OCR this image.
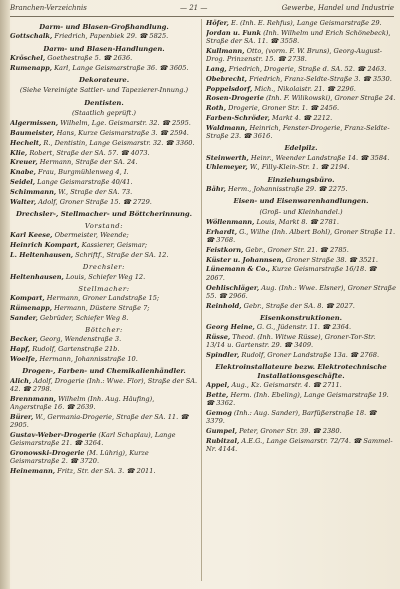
Branchen-Verzeichnis	— 21 —	Gewerbe, Handel und Industrie
Darm- und Blasen-Großhandlung.
Gottschalk, Friedrich, Papenbiek 29. ☎ 5825.
Darm- und Blasen-Handlungen.
Kröschel, Goethestraße 5. ☎ 2636.
Rumenapp, Karl, Lange Geismarstraße 36. ☎ 3605.
Dekorateure.
(Siehe Vereinigte Sattler- und Tapezierer-Innung.)
Dentisten.
(Staatlich geprüft.)
Algermissen, Wilhelm, Lge. Geismarstr. 32. ☎ 2595.
Baumeister, Hans, Kurze Geismarstraße 3. ☎ 2594.
Hechelt, R., Dentistin, Lange Geismarstr. 32. ☎ 3360.
Klie, Robert, Straße der SA. 57. ☎ 4073.
Kreuer, Hermann, Straße der SA. 24.
Knabe, Frau, Burgmühlenweg 4, I.
Seidel, Lange Geismarstraße 40/41.
Schimmann, W., Straße der SA. 73.
Walter, Adolf, Groner Straße 15. ☎ 2729.
Drechsler-, Stellmacher- und Böttcherinnung.
Vorstand:
Karl Keese, Obermeister, Weende;
Heinrich Kompart, Kassierer, Geismar;
L. Heltenhausen, Schriftf., Straße der SA. 12.
Drechsler:
Heltenhausen, Louis, Schiefer Weg 12.
Stellmacher:
Kompart, Hermann, Groner Landstraße 15;
Rümenapp, Hermann, Düstere Straße 7;
Sander, Gebrüder, Schiefer Weg 8.
Böttcher:
Becker, Georg, Wendenstraße 3.
Hapf, Rudolf, Gartenstraße 21b.
Woelfe, Hermann, Johannisstraße 10.
Drogen-, Farben- und Chemikalienhändler.
Alich, Adolf, Drogerie (Inh.: Wwe. Flor), Straße der SA. 42. ☎ 2798.
Brennmann, Wilhelm (Inh. Aug. Häufing), Angerstraße 16. ☎ 2639.
Bürer, W., Germania-Drogerie, Straße der SA. 11. ☎ 2905.
Gustav-Weber-Drogerie (Karl Schaplau), Lange Geismarstraße 21. ☎ 3264.
Gronowski-Drogerie (M. Lührig), Kurze Geismarstraße 2. ☎ 3720.
Heinemann, Fritz, Str. der SA. 3. ☎ 2011.
Höfer, E. (Inh. E. Rehfus), Lange Geismarstraße 29.
Jordan u. Funk (Inh. Wilhelm und Erich Schönebeck), Straße der SA. 11. ☎ 3558.
Kullmann, Otto, (vorm. F. W. Bruns), Georg-August-Drog. Prinzenstr. 15. ☎ 2738.
Lang, Friedrich, Drogerie, Straße d. SA. 52. ☎ 2463.
Obebrecht, Friedrich, Franz-Seldte-Straße 3. ☎ 3530.
Poppelsdorf, Mich., Nikolaistr. 21. ☎ 2296.
Rosen-Drogerie (Inh. F. Wilikowski), Groner Straße 24.
Roth, Drogerie, Groner Str. 1. ☎ 2456.
Farben-Schröder, Markt 4. ☎ 2212.
Waldmann, Heinrich, Fenster-Drogerie, Franz-Seldte-Straße 23. ☎ 3616.
Edelpilz.
Steinwerth, Heinr., Weender Landstraße 14. ☎ 3584.
Uhlemeyer, W., Filly-Klein-Str. 1. ☎ 2194.
Einziehungsbüro.
Bähr, Herm., Johannisstraße 29. ☎ 2275.
Eisen- und Eisenwarenhandlungen.
(Groß- und Kleinhandel.)
Wöllenmann, Louis, Markt 8. ☎ 2781.
Erhardt, G., Wilhe (Inh. Albert Bohl), Groner Straße 11. ☎ 3768.
Feistkorn, Gebr., Groner Str. 21. ☎ 2785.
Küster u. Johannsen, Groner Straße 38. ☎ 3521.
Lünemann & Co., Kurze Geismarstraße 16/18. ☎ 2067.
Oehlischläger, Aug. (Inh.: Wwe. Elsner), Groner Straße 55. ☎ 2966.
Reinhold, Gebr., Straße der SA. 8. ☎ 2027.
Eisenkonstruktionen.
Georg Heine, G. G., Jüdenstr. 11. ☎ 2364.
Rüsse, Theod. (Inh. Witwe Rüsse), Groner-Tor-Str. 13/14 u. Gartenstr. 29. ☎ 3409.
Spindler, Rudolf, Groner Landstraße 13a. ☎ 2768.
Elektroinstallateure bezw. Elektrotechnische Installationsgeschäfte.
Appel, Aug., Kz. Geismarstr. 4. ☎ 2711.
Bette, Herm. (Inh. Ebeling), Lange Geismarstraße 19. ☎ 3362.
Gemog (Inh.: Aug. Sander), Barfüßerstraße 18. ☎ 3379.
Gumpel, Peter, Groner Str. 39. ☎ 2380.
Rubitzal, A.E.G., Lange Geismarstr. 72/74. ☎ Sammel-Nr. 4144.
